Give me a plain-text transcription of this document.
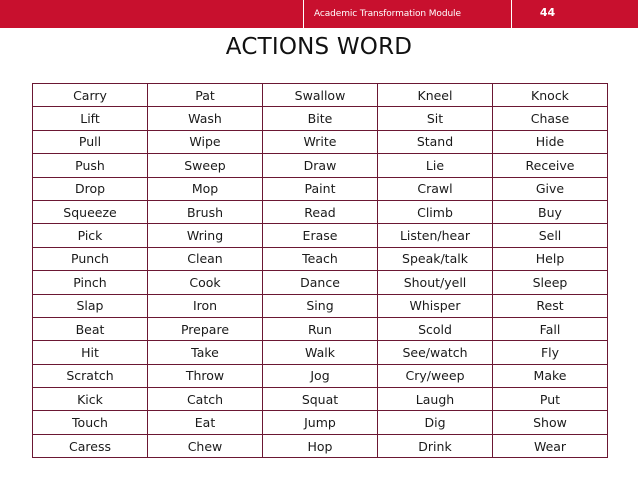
Academic Transformation Module	44
ACTIONS WORD
Carry	Pat	Swallow	Kneel	Knock
Lift	Wash	Bite	Sit	Chase
Pull	Wipe	Write	Stand	Hide
Push	Sweep	Draw	Lie	Receive
Drop	Mop	Paint	Crawl	Give
Squeeze	Brush	Read	Climb	Buy
Pick	Wring	Erase	Listen/hear	Sell
Punch	Clean	Teach	Speak/talk	Help
Pinch	Cook	Dance	Shout/yell	Sleep
Slap	Iron	Sing	Whisper	Rest
Beat	Prepare	Run	Scold	Fall
Hit	Take	Walk	See/watch	Fly
Scratch	Throw	Jog	Cry/weep	Make
Kick	Catch	Squat	Laugh	Put
Touch	Eat	Jump	Dig	Show
Caress	Chew	Hop	Drink	Wear
